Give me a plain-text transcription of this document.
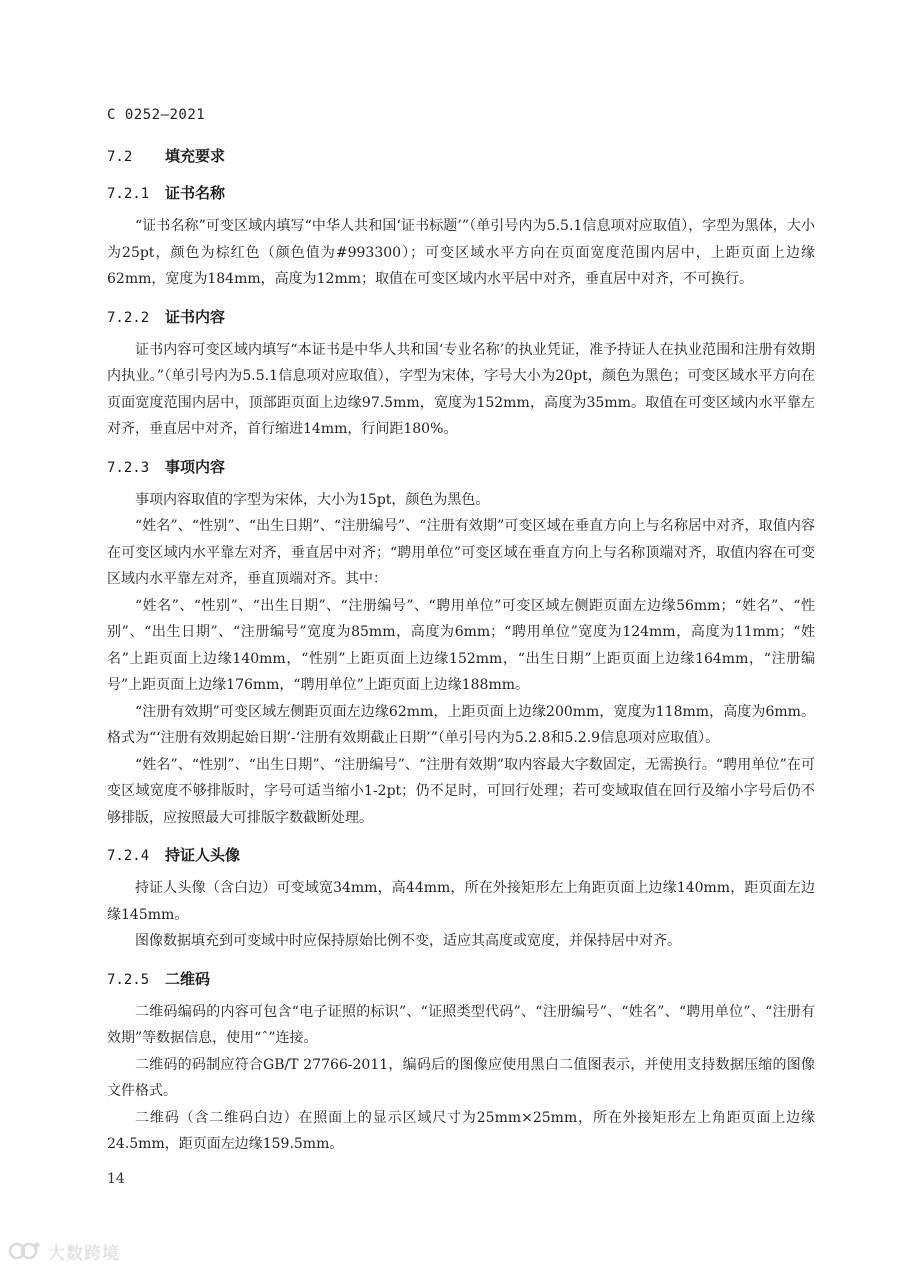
C 0252—2021
7.2 填充要求
7.2.1 证书名称

“证书名称”可变区域内填写“中华人共和国‘证书标题’”（单引号内为5.5.1信息项对应取值），字型为黑体，大小为25pt，颜色为棕红色（颜色值为#993300）；可变区域水平方向在页面宽度范围内居中，上距页面上边缘62mm，宽度为184mm，高度为12mm；取值在可变区域内水平居中对齐，垂直居中对齐，不可换行。

7.2.2 证书内容

证书内容可变区域内填写“本证书是中华人共和国‘专业名称’的执业凭证，准予持证人在执业范围和注册有效期内执业。”（单引号内为5.5.1信息项对应取值），字型为宋体，字号大小为20pt，颜色为黑色；可变区域水平方向在页面宽度范围内居中，顶部距页面上边缘97.5mm，宽度为152mm，高度为35mm。取值在可变区域内水平靠左对齐，垂直居中对齐，首行缩进14mm，行间距180%。

7.2.3 事项内容

事项内容取值的字型为宋体，大小为15pt，颜色为黑色。

“姓名”、“性别”、“出生日期”、“注册编号”、“注册有效期”可变区域在垂直方向上与名称居中对齐，取值内容在可变区域内水平靠左对齐，垂直居中对齐；“聘用单位”可变区域在垂直方向上与名称顶端对齐，取值内容在可变区域内水平靠左对齐，垂直顶端对齐。其中：

“姓名”、“性别”、“出生日期”、“注册编号”、“聘用单位”可变区域左侧距页面左边缘56mm；“姓名”、“性别”、“出生日期”、“注册编号”宽度为85mm，高度为6mm；“聘用单位”宽度为124mm，高度为11mm；“姓名”上距页面上边缘140mm，“性别”上距页面上边缘152mm，“出生日期”上距页面上边缘164mm，“注册编号”上距页面上边缘176mm，“聘用单位”上距页面上边缘188mm。

“注册有效期”可变区域左侧距页面左边缘62mm，上距页面上边缘200mm，宽度为118mm，高度为6mm。格式为“‘注册有效期起始日期’-‘注册有效期截止日期’”（单引号内为5.2.8和5.2.9信息项对应取值）。

“姓名”、“性别”、“出生日期”、“注册编号”、“注册有效期”取内容最大字数固定，无需换行。“聘用单位”在可变区域宽度不够排版时，字号可适当缩小1-2pt；仍不足时，可回行处理；若可变域取值在回行及缩小字号后仍不够排版，应按照最大可排版字数截断处理。

7.2.4 持证人头像

持证人头像（含白边）可变域宽34mm，高44mm，所在外接矩形左上角距页面上边缘140mm，距页面左边缘145mm。

图像数据填充到可变域中时应保持原始比例不变，适应其高度或宽度，并保持居中对齐。

7.2.5 二维码

二维码编码的内容可包含“电子证照的标识”、“证照类型代码”、“注册编号”、“姓名”、“聘用单位”、“注册有效期”等数据信息，使用“ˆ”连接。

二维码的码制应符合GB/T 27766-2011，编码后的图像应使用黑白二值图表示，并使用支持数据压缩的图像文件格式。

二维码（含二维码白边）在照面上的显示区域尺寸为25mm×25mm，所在外接矩形左上角距页面上边缘24.5mm，距页面左边缘159.5mm。

14
大数跨境
